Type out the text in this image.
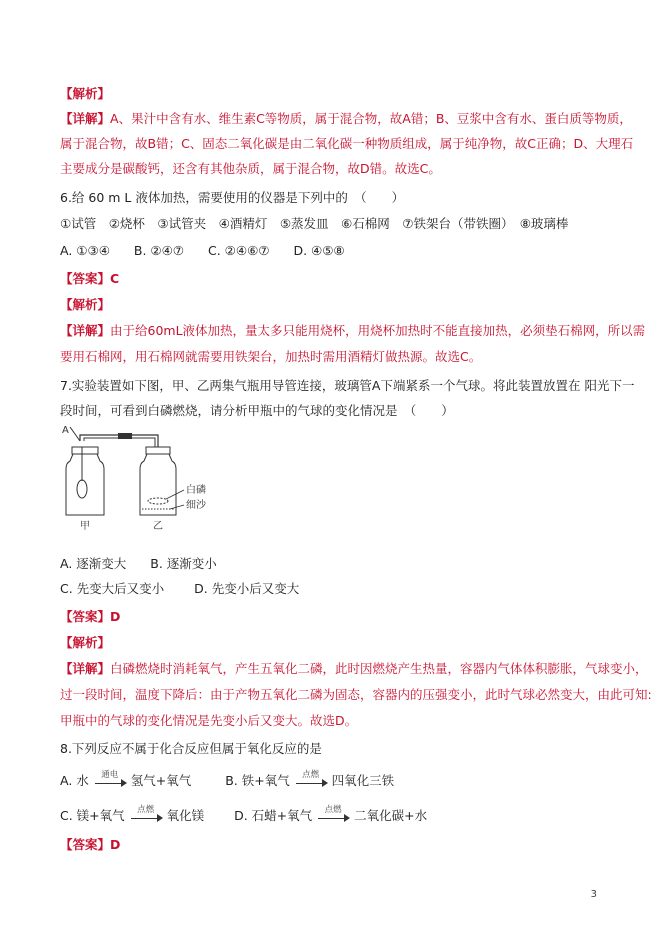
【解析】
【详解】A、果汁中含有水、维生素C等物质，属于混合物，故A错；B、豆浆中含有水、蛋白质等物质，
属于混合物，故B错；C、固态二氧化碳是由二氧化碳一种物质组成，属于纯净物，故C正确；D、大理石
主要成分是碳酸钙，还含有其他杂质，属于混合物，故D错。故选C。
6.给 60 m L 液体加热，需要使用的仪器是下列中的　（　　）
①试管　②烧杯　③试管夹　④酒精灯　⑤蒸发皿　⑥石棉网　⑦铁架台（带铁圈）　⑧玻璃棒
A. ①③④ B. ②④⑦ C. ②④⑥⑦ D. ④⑤⑧
【答案】C
【解析】
【详解】由于给60mL液体加热，量太多只能用烧杯，用烧杯加热时不能直接加热，必须垫石棉网，所以需
要用石棉网，用石棉网就需要用铁架台，加热时需用酒精灯做热源。故选C。
7.实验装置如下图，甲、乙两集气瓶用导管连接，玻璃管A下端紧系一个气球。将此装置放置在 阳光下一
段时间，可看到白磷燃烧，请分析甲瓶中的气球的变化情况是　（　　）
A
白磷
细沙
甲	乙
A. 逐渐变大 B. 逐渐变小
C. 先变大后又变小 D. 先变小后又变大
【答案】D
【解析】
【详解】白磷燃烧时消耗氧气，产生五氧化二磷，此时因燃烧产生热量，容器内气体体积膨胀，气球变小，
过一段时间，温度下降后：由于产物五氧化二磷为固态，容器内的压强变小，此时气球必然变大，由此可知:
甲瓶中的气球的变化情况是先变小后又变大。故选D。
8.下列反应不属于化合反应但属于氧化反应的是
A. 水	通电 氢气+氧气	B. 铁+氧气	点燃 四氧化三铁
C. 镁+氧气	点燃 氧化镁 D. 石蜡+氧气	点燃 二氧化碳+水
【答案】D
3
